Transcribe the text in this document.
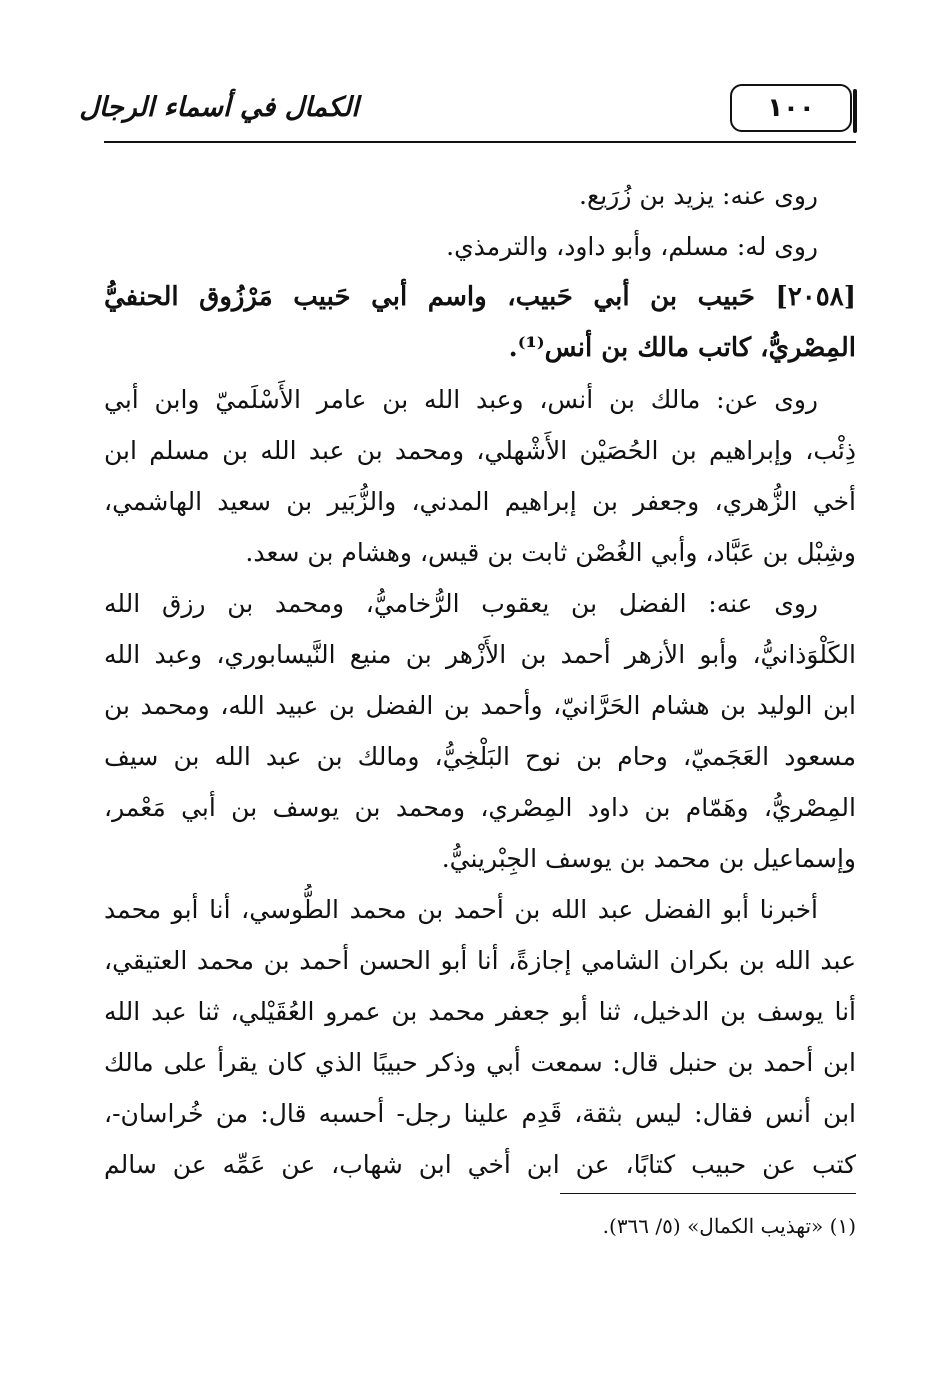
الكمال في أسماء الرجال	١٠٠
روى عنه: يزيد بن زُرَيع.
روى له: مسلم، وأبو داود، والترمذي.
[٢٠٥٨] حَبيب بن أبي حَبيب، واسم أبي حَبيب مَرْزُوق الحنفيُّ
المِصْريُّ، كاتب مالك بن أنس⁽¹⁾.
روى عن: مالك بن أنس، وعبد الله بن عامر الأَسْلَميّ وابن أبي
ذِئْب، وإبراهيم بن الحُصَيْن الأَشْهلي، ومحمد بن عبد الله بن مسلم ابن
أخي الزُّهري، وجعفر بن إبراهيم المدني، والزُّبَير بن سعيد الهاشمي،
وشِبْل بن عَبَّاد، وأبي الغُصْن ثابت بن قيس، وهشام بن سعد.
روى عنه: الفضل بن يعقوب الرُّخاميُّ، ومحمد بن رزق الله
الكَلْوَذانيُّ، وأبو الأزهر أحمد بن الأَزْهر بن منيع النَّيسابوري، وعبد الله
ابن الوليد بن هشام الحَرَّانيّ، وأحمد بن الفضل بن عبيد الله، ومحمد بن
مسعود العَجَميّ، وحام بن نوح البَلْخِيُّ، ومالك بن عبد الله بن سيف
المِصْريُّ، وهَمّام بن داود المِصْري، ومحمد بن يوسف بن أبي مَعْمر،
وإسماعيل بن محمد بن يوسف الجِبْرينيُّ.
أخبرنا أبو الفضل عبد الله بن أحمد بن محمد الطُّوسي، أنا أبو محمد
عبد الله بن بكران الشامي إجازةً، أنا أبو الحسن أحمد بن محمد العتيقي،
أنا يوسف بن الدخيل، ثنا أبو جعفر محمد بن عمرو العُقَيْلي، ثنا عبد الله
ابن أحمد بن حنبل قال: سمعت أبي وذكر حبيبًا الذي كان يقرأ على مالك
ابن أنس فقال: ليس بثقة، قَدِم علينا رجل- أحسبه قال: من خُراسان-،
كتب عن حبيب كتابًا، عن ابن أخي ابن شهاب، عن عَمِّه عن سالم
(١) «تهذيب الكمال» (٥/ ٣٦٦).
